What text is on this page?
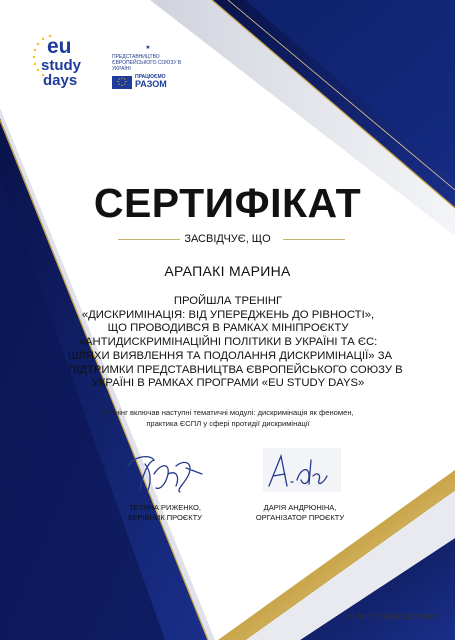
eu
study
days
★
ПРЕДСТАВНИЦТВО ЄВРОПЕЙСЬКОГО СОЮЗУ В УКРАЇНІ
ПРАЦЮЄМО
РАЗОМ
СЕРТИФІКАТ
ЗАСВІДЧУЄ, ЩО
АРАПАКІ МАРИНА
ПРОЙШЛА ТРЕНІНГ
«ДИСКРИМІНАЦІЯ: ВІД УПЕРЕДЖЕНЬ ДО РІВНОСТІ»,
ЩО ПРОВОДИВСЯ В РАМКАХ МІНІПРОЄКТУ
«АНТИДИСКРИМІНАЦІЙНІ ПОЛІТИКИ В УКРАЇНІ ТА ЄС:
ШЛЯХИ ВИЯВЛЕННЯ ТА ПОДОЛАННЯ ДИСКРИМІНАЦІЇ» ЗА
ПІДТРИМКИ ПРЕДСТАВНИЦТВА ЄВРОПЕЙСЬКОГО СОЮЗУ В
УКРАЇНІ В РАМКАХ ПРОГРАМИ «EU STUDY DAYS»
Тренінг включав наступні тематичні модулі: дискримінація як феномен,
практика ЄСПЛ у сфері протидії дискримінації
ТЕТЯНА РИЖЕНКО,
КЕРІВНИК ПРОЄКТУ
ДАРІЯ АНДРЮНІНА,
ОРГАНІЗАТОР ПРОЄКТУ
01 ЛИСТОПАДА 2022 РОКУ
